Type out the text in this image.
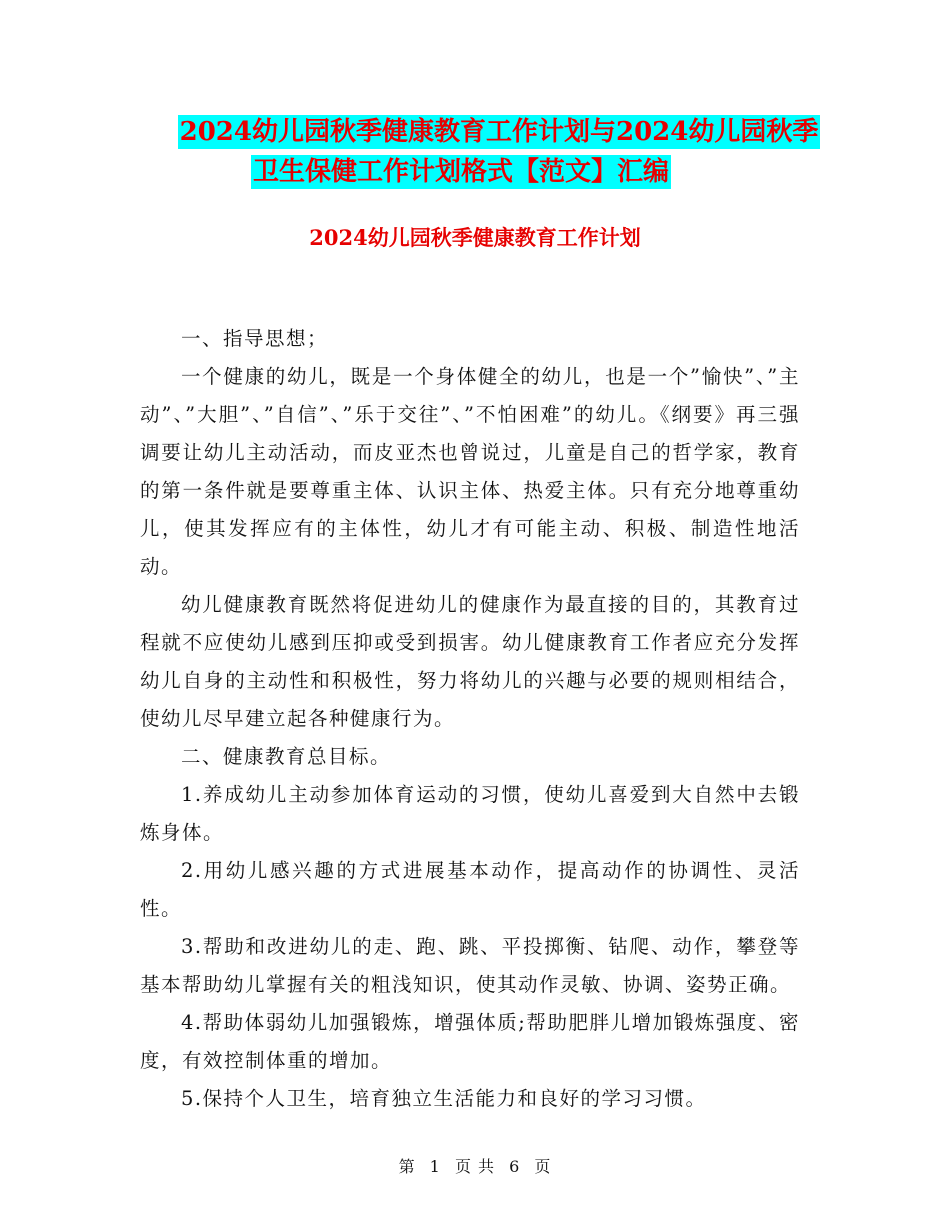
2024幼儿园秋季健康教育工作计划与2024幼儿园秋季
卫生保健工作计划格式【范文】汇编
2024幼儿园秋季健康教育工作计划

一、指导思想；

一个健康的幼儿，既是一个身体健全的幼儿，也是一个”愉快”、”主动”、”大胆”、”自信”、”乐于交往”、”不怕困难”的幼儿。《纲要》再三强调要让幼儿主动活动，而皮亚杰也曾说过，儿童是自己的哲学家，教育的第一条件就是要尊重主体、认识主体、热爱主体。只有充分地尊重幼儿，使其发挥应有的主体性，幼儿才有可能主动、积极、制造性地活动。

幼儿健康教育既然将促进幼儿的健康作为最直接的目的，其教育过程就不应使幼儿感到压抑或受到损害。幼儿健康教育工作者应充分发挥幼儿自身的主动性和积极性，努力将幼儿的兴趣与必要的规则相结合，使幼儿尽早建立起各种健康行为。

二、健康教育总目标。

1.养成幼儿主动参加体育运动的习惯，使幼儿喜爱到大自然中去锻炼身体。

2.用幼儿感兴趣的方式进展基本动作，提高动作的协调性、灵活性。

3.帮助和改进幼儿的走、跑、跳、平投掷衡、钻爬、动作，攀登等基本帮助幼儿掌握有关的粗浅知识，使其动作灵敏、协调、姿势正确。

4.帮助体弱幼儿加强锻炼，增强体质;帮助肥胖儿增加锻炼强度、密度，有效控制体重的增加。

5.保持个人卫生，培育独立生活能力和良好的学习习惯。

第 1 页 共 6 页
